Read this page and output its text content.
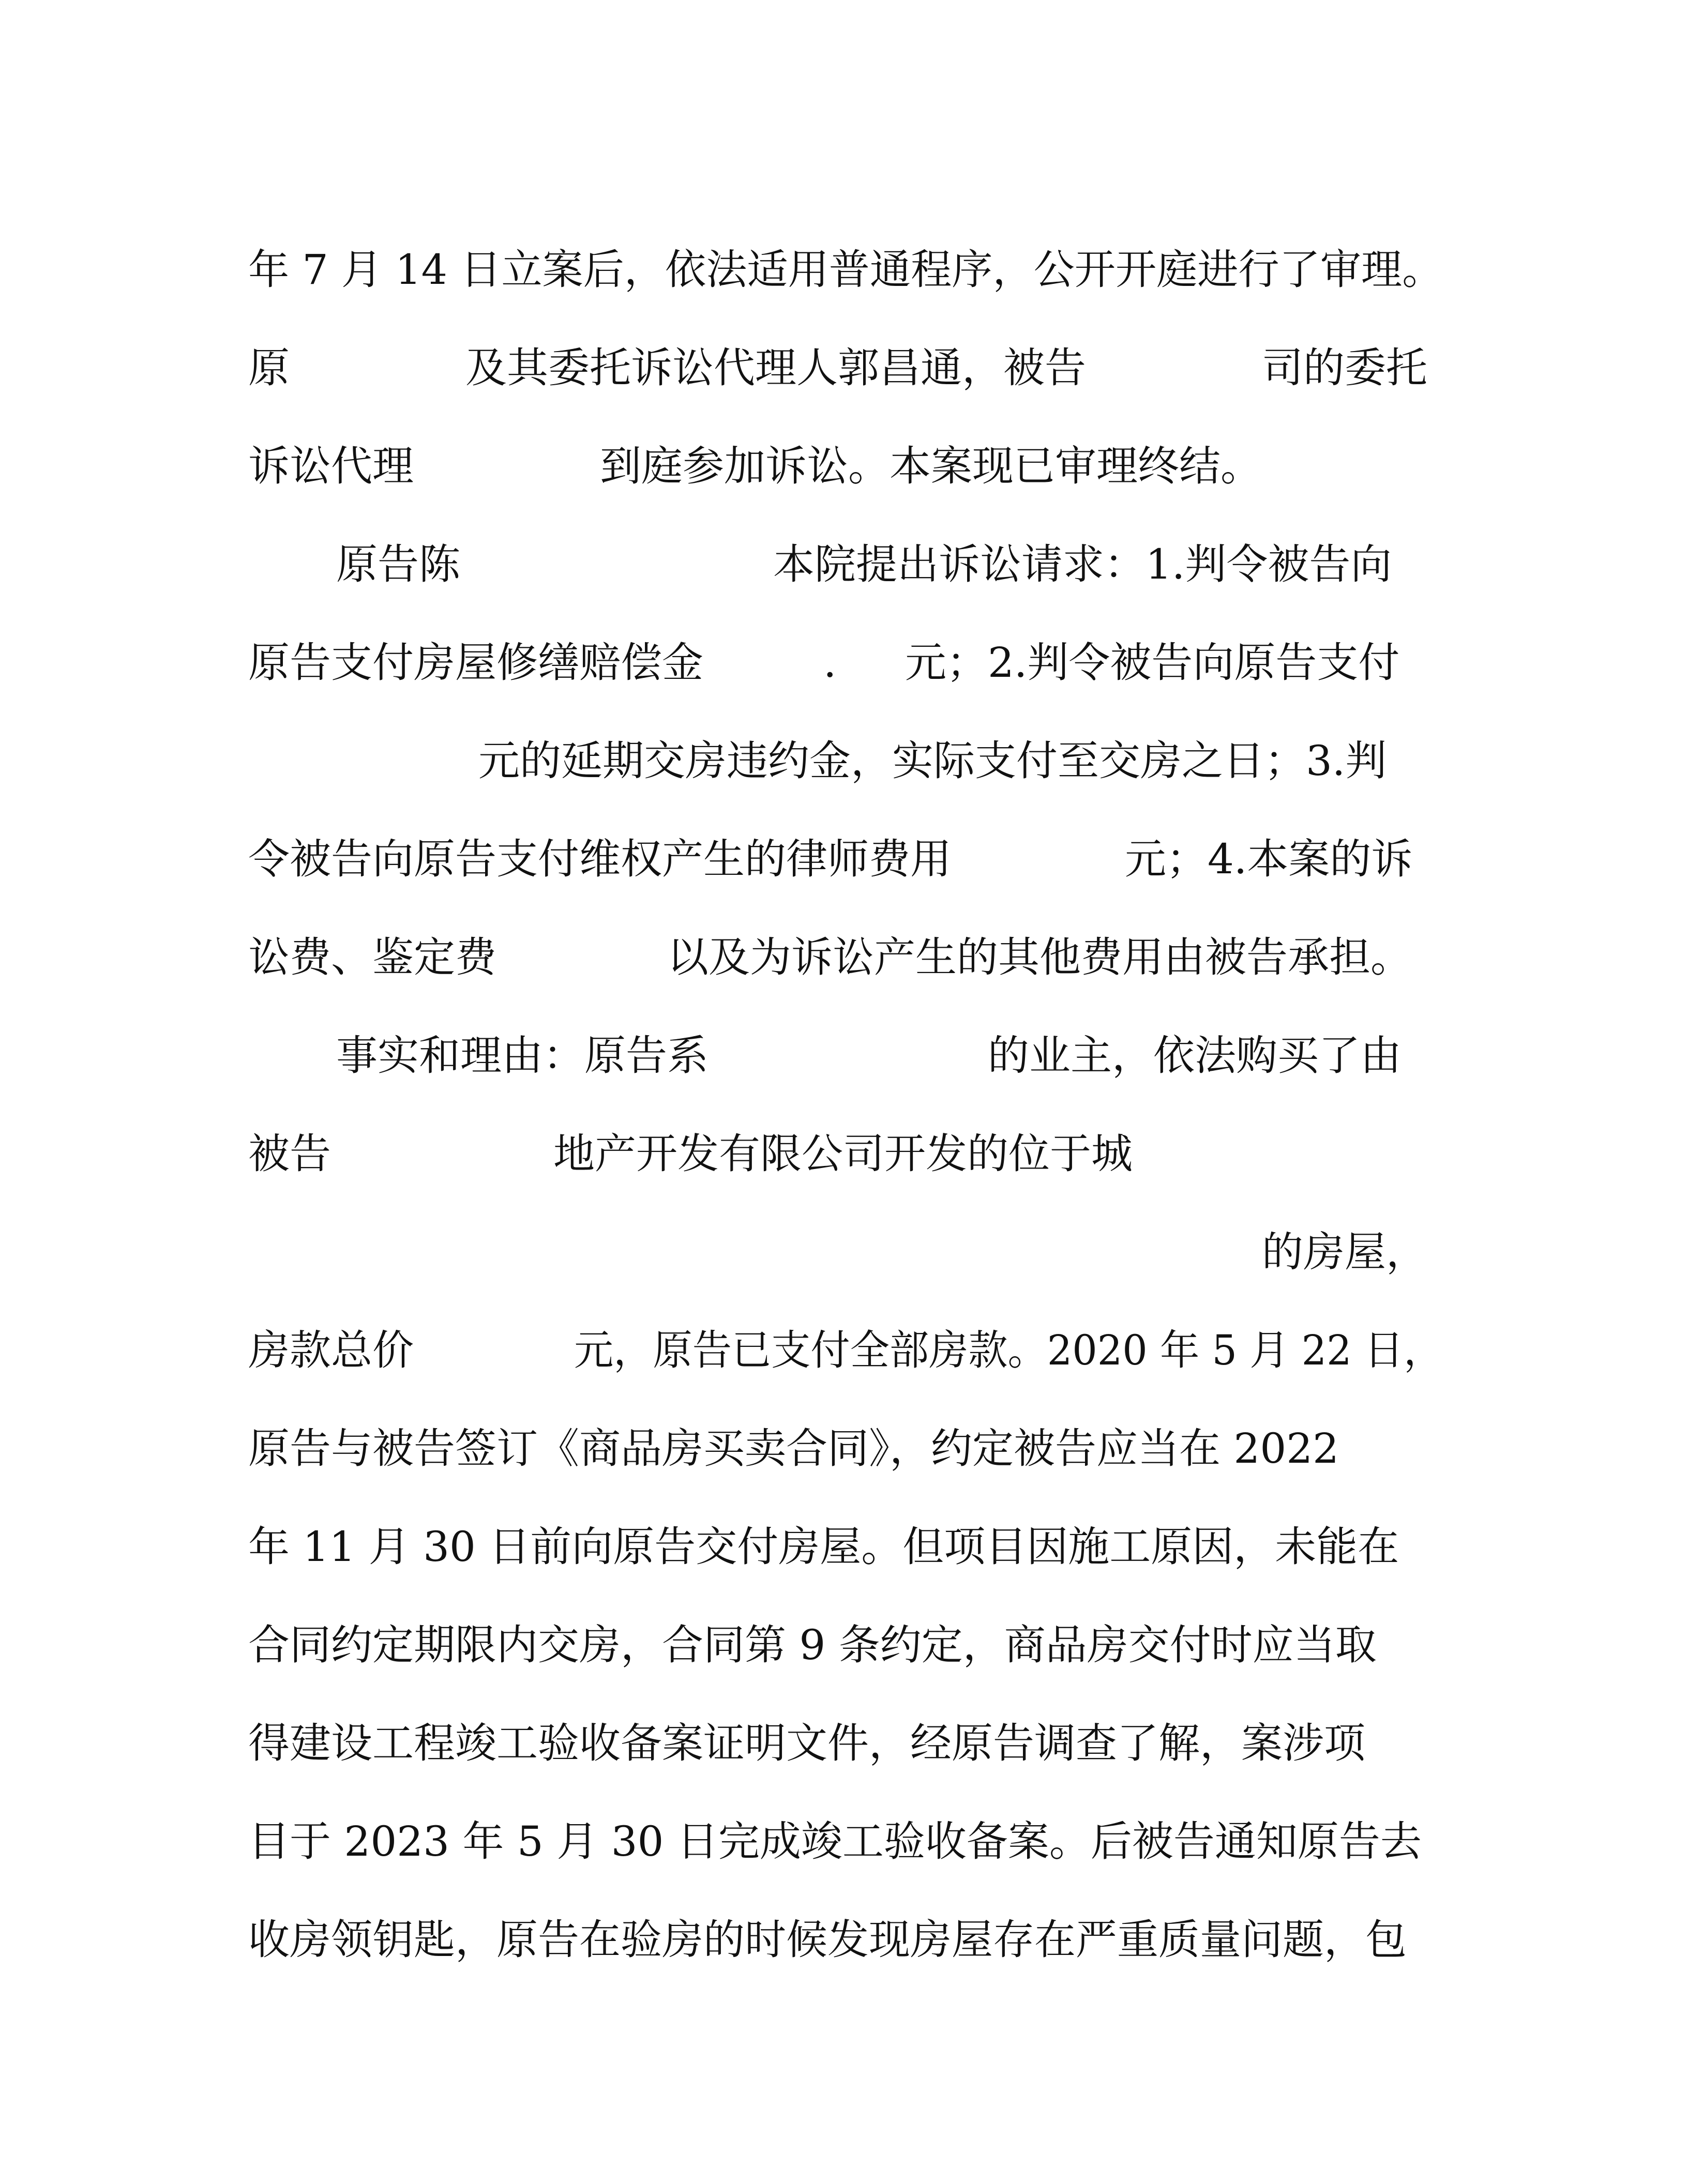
年 7 月 14 日立案后，依法适用普通程序，公开开庭进行了审理。

原	及其委托诉讼代理人郭昌通，被告	司的委托

诉讼代理	到庭参加诉讼。本案现已审理终结。

原告陈	本院提出诉讼请求：1.判令被告向

原告支付房屋修缮赔偿金	. 元；2.判令被告向原告支付

元的延期交房违约金，实际支付至交房之日；3.判

令被告向原告支付维权产生的律师费用	元；4.本案的诉

讼费、鉴定费	以及为诉讼产生的其他费用由被告承担。

事实和理由：原告系	的业主，依法购买了由

被告	地产开发有限公司开发的位于城

的房屋，

房款总价	元，原告已支付全部房款。2020 年 5 月 22 日，

原告与被告签订《商品房买卖合同》，约定被告应当在 2022

年 11 月 30 日前向原告交付房屋。但项目因施工原因，未能在

合同约定期限内交房，合同第 9 条约定，商品房交付时应当取

得建设工程竣工验收备案证明文件，经原告调查了解，案涉项

目于 2023 年 5 月 30 日完成竣工验收备案。后被告通知原告去

收房领钥匙，原告在验房的时候发现房屋存在严重质量问题，包
